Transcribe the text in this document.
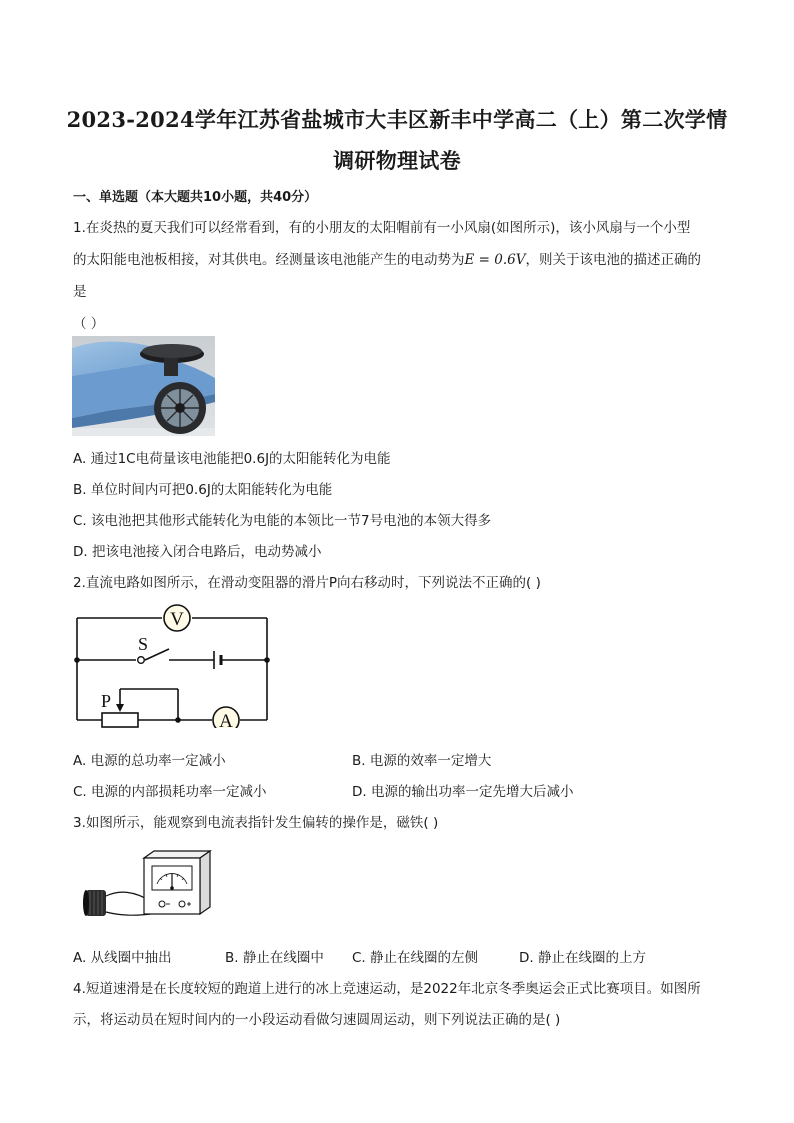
2023-2024学年江苏省盐城市大丰区新丰中学高二（上）第二次学情
调研物理试卷
一、单选题（本大题共10小题，共40分）
1.在炎热的夏天我们可以经常看到，有的小朋友的太阳帽前有一小风扇(如图所示)，该小风扇与一个小型
的太阳能电池板相接，对其供电。经测量该电池能产生的电动势为E = 0.6V，则关于该电池的描述正确的
是
（ ）
A. 通过1C电荷量该电池能把0.6J的太阳能转化为电能
B. 单位时间内可把0.6J的太阳能转化为电能
C. 该电池把其他形式能转化为电能的本领比一节7号电池的本领大得多
D. 把该电池接入闭合电路后，电动势减小
2.直流电路如图所示，在滑动变阻器的滑片P向右移动时，下列说法不正确的( )
V
A
S
P
A. 电源的总功率一定减小	B. 电源的效率一定增大
C. 电源的内部损耗功率一定减小	D. 电源的输出功率一定先增大后减小
3.如图所示，能观察到电流表指针发生偏转的操作是，磁铁( )
A. 从线圈中抽出	B. 静止在线圈中 C. 静止在线圈的左侧	D. 静止在线圈的上方
4.短道速滑是在长度较短的跑道上进行的冰上竞速运动，是2022年北京冬季奥运会正式比赛项目。如图所
示，将运动员在短时间内的一小段运动看做匀速圆周运动，则下列说法正确的是( )
